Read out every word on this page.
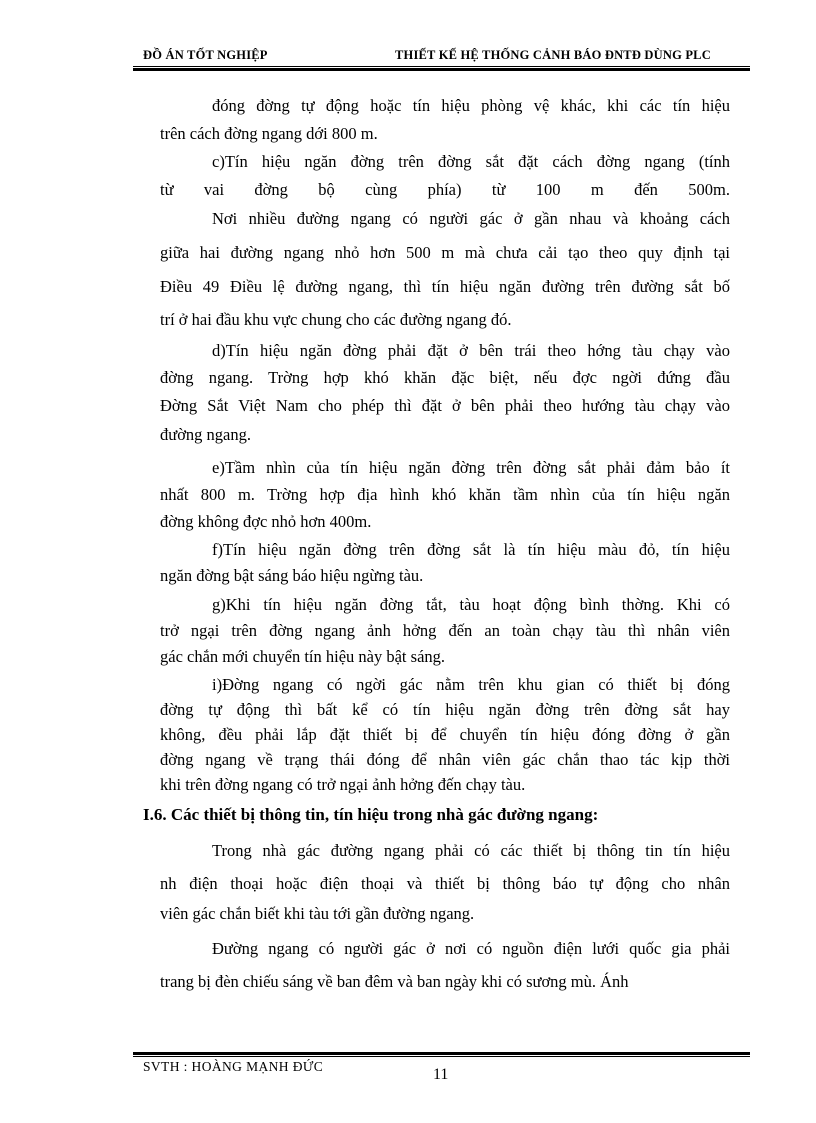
ĐỒ ÁN TỐT NGHIỆP	THIẾT KẾ HỆ THỐNG CẢNH BÁO ĐNTĐ DÙNG PLC
đóng đờng tự động hoặc tín hiệu phòng vệ khác, khi các tín hiệu
trên cách đờng ngang dới 800 m.
c)Tín hiệu ngăn đờng trên đờng sắt đặt cách đờng ngang (tính
từ vai đờng bộ cùng phía) từ 100 m đến 500m.
Nơi nhiều đường ngang có người gác ở gần nhau và khoảng cách
giữa hai đường ngang nhỏ hơn 500 m mà chưa cải tạo theo quy định tại
Điều 49 Điều lệ đường ngang, thì tín hiệu ngăn đường trên đường sắt bố
trí ở hai đầu khu vực chung cho các đường ngang đó.
d)Tín hiệu ngăn đờng phải đặt ở bên trái theo hớng tàu chạy vào
đờng ngang. Trờng hợp khó khăn đặc biệt, nếu đợc ngời đứng đầu
Đờng Sắt Việt Nam cho phép thì đặt ở bên phải theo hướng tàu chạy vào
đường ngang.
e)Tầm nhìn của tín hiệu ngăn đờng trên đờng sắt phải đảm bảo ít
nhất 800 m. Trờng hợp địa hình khó khăn tầm nhìn của tín hiệu ngăn
đờng không đợc nhỏ hơn 400m.
f)Tín hiệu ngăn đờng trên đờng sắt là tín hiệu màu đỏ, tín hiệu
ngăn đờng bật sáng báo hiệu ngừng tàu.
g)Khi tín hiệu ngăn đờng tắt, tàu hoạt động bình thờng. Khi có
trở ngại trên đờng ngang ảnh hởng đến an toàn chạy tàu thì nhân viên
gác chắn mới chuyển tín hiệu này bật sáng.
i)Đờng ngang có ngời gác nằm trên khu gian có thiết bị đóng
đờng tự động thì bất kể có tín hiệu ngăn đờng trên đờng sắt hay
không, đều phải lắp đặt thiết bị để chuyển tín hiệu đóng đờng ở gần
đờng ngang về trạng thái đóng để nhân viên gác chắn thao tác kịp thời
khi trên đờng ngang có trở ngại ảnh hởng đến chạy tàu.
Trong nhà gác đường ngang phải có các thiết bị thông tin tín hiệu
nh điện thoại hoặc điện thoại và thiết bị thông báo tự động cho nhân
viên gác chắn biết khi tàu tới gần đường ngang.
Đường ngang có người gác ở nơi có nguồn điện lưới quốc gia phải
trang bị đèn chiếu sáng về ban đêm và ban ngày khi có sương mù. Ánh
I.6. Các thiết bị thông tin, tín hiệu trong nhà gác đường ngang:
SVTH : HOÀNG MẠNH ĐỨC	11
